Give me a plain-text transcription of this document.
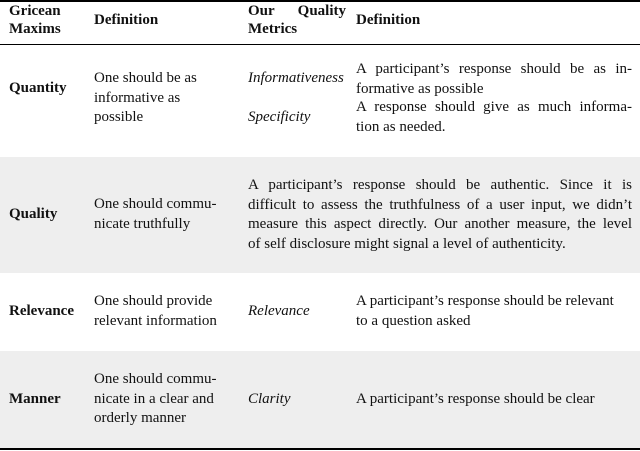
Gricean
Maxims
Definition
Our Quality
Metrics
Definition
Quantity
One should be as
informative as
possible
Informativeness
A participant’s response should be as in-
formative as possible
Specificity
A response should give as much informa-
tion as needed.
Quality
One should commu-
nicate truthfully
A participant’s response should be authentic. Since it is
difficult to assess the truthfulness of a user input, we didn’t
measure this aspect directly. Our another measure, the level
of self disclosure might signal a level of authenticity.
Relevance
One should provide
relevant information
Relevance
A participant’s response should be relevant
to a question asked
Manner
One should commu-
nicate in a clear and
orderly manner
Clarity	A participant’s response should be clear
